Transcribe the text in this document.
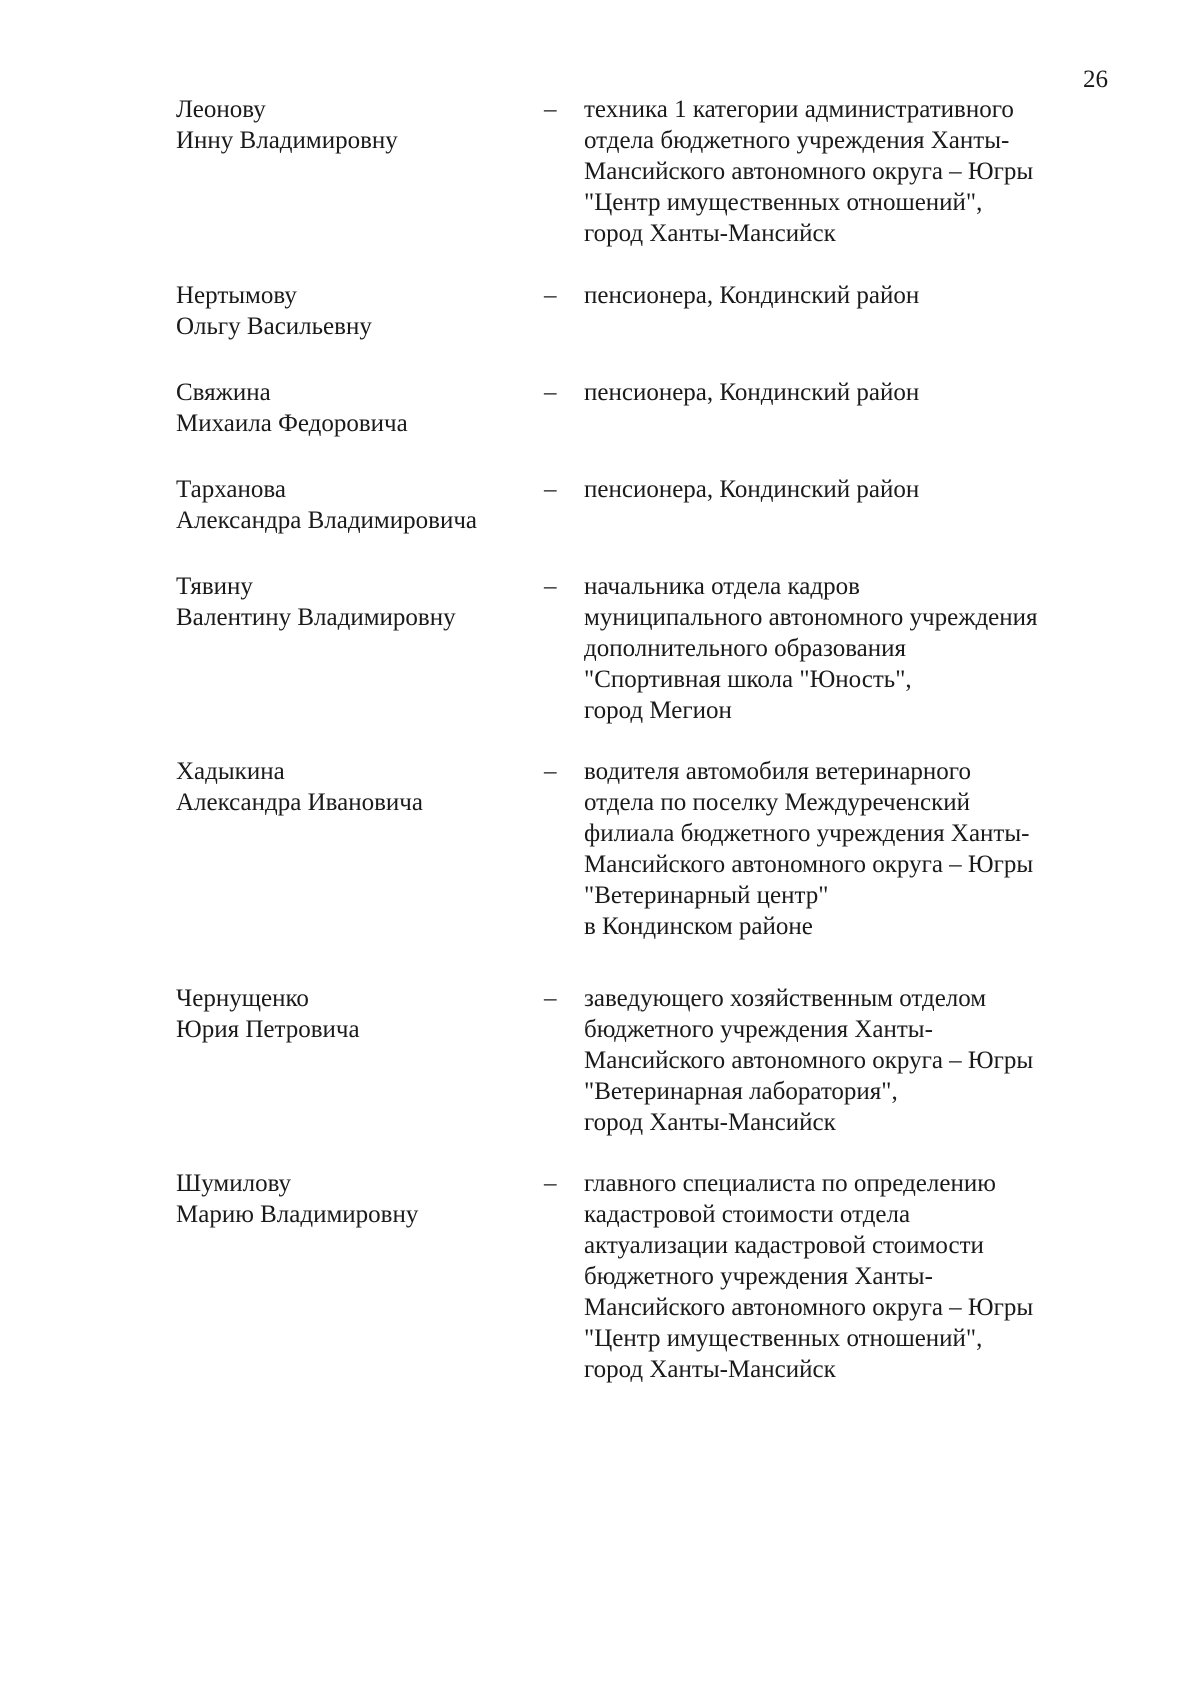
26
Леонову
Инну Владимировну
– техника 1 категории административного
отдела бюджетного учреждения Ханты-
Мансийского автономного округа – Югры
"Центр имущественных отношений",
город Ханты-Мансийск
Нертымову
Ольгу Васильевну
– пенсионера, Кондинский район
Свяжина
Михаила Федоровича
– пенсионера, Кондинский район
Тарханова
Александра Владимировича
– пенсионера, Кондинский район
Тявину
Валентину Владимировну
– начальника отдела кадров
муниципального автономного учреждения
дополнительного образования
"Спортивная школа "Юность",
город Мегион
Хадыкина
Александра Ивановича
– водителя автомобиля ветеринарного
отдела по поселку Междуреченский
филиала бюджетного учреждения Ханты-
Мансийского автономного округа – Югры
"Ветеринарный центр"
в Кондинском районе
Чернущенко
Юрия Петровича
– заведующего хозяйственным отделом
бюджетного учреждения Ханты-
Мансийского автономного округа – Югры
"Ветеринарная лаборатория",
город Ханты-Мансийск
Шумилову
Марию Владимировну
– главного специалиста по определению
кадастровой стоимости отдела
актуализации кадастровой стоимости
бюджетного учреждения Ханты-
Мансийского автономного округа – Югры
"Центр имущественных отношений",
город Ханты-Мансийск
